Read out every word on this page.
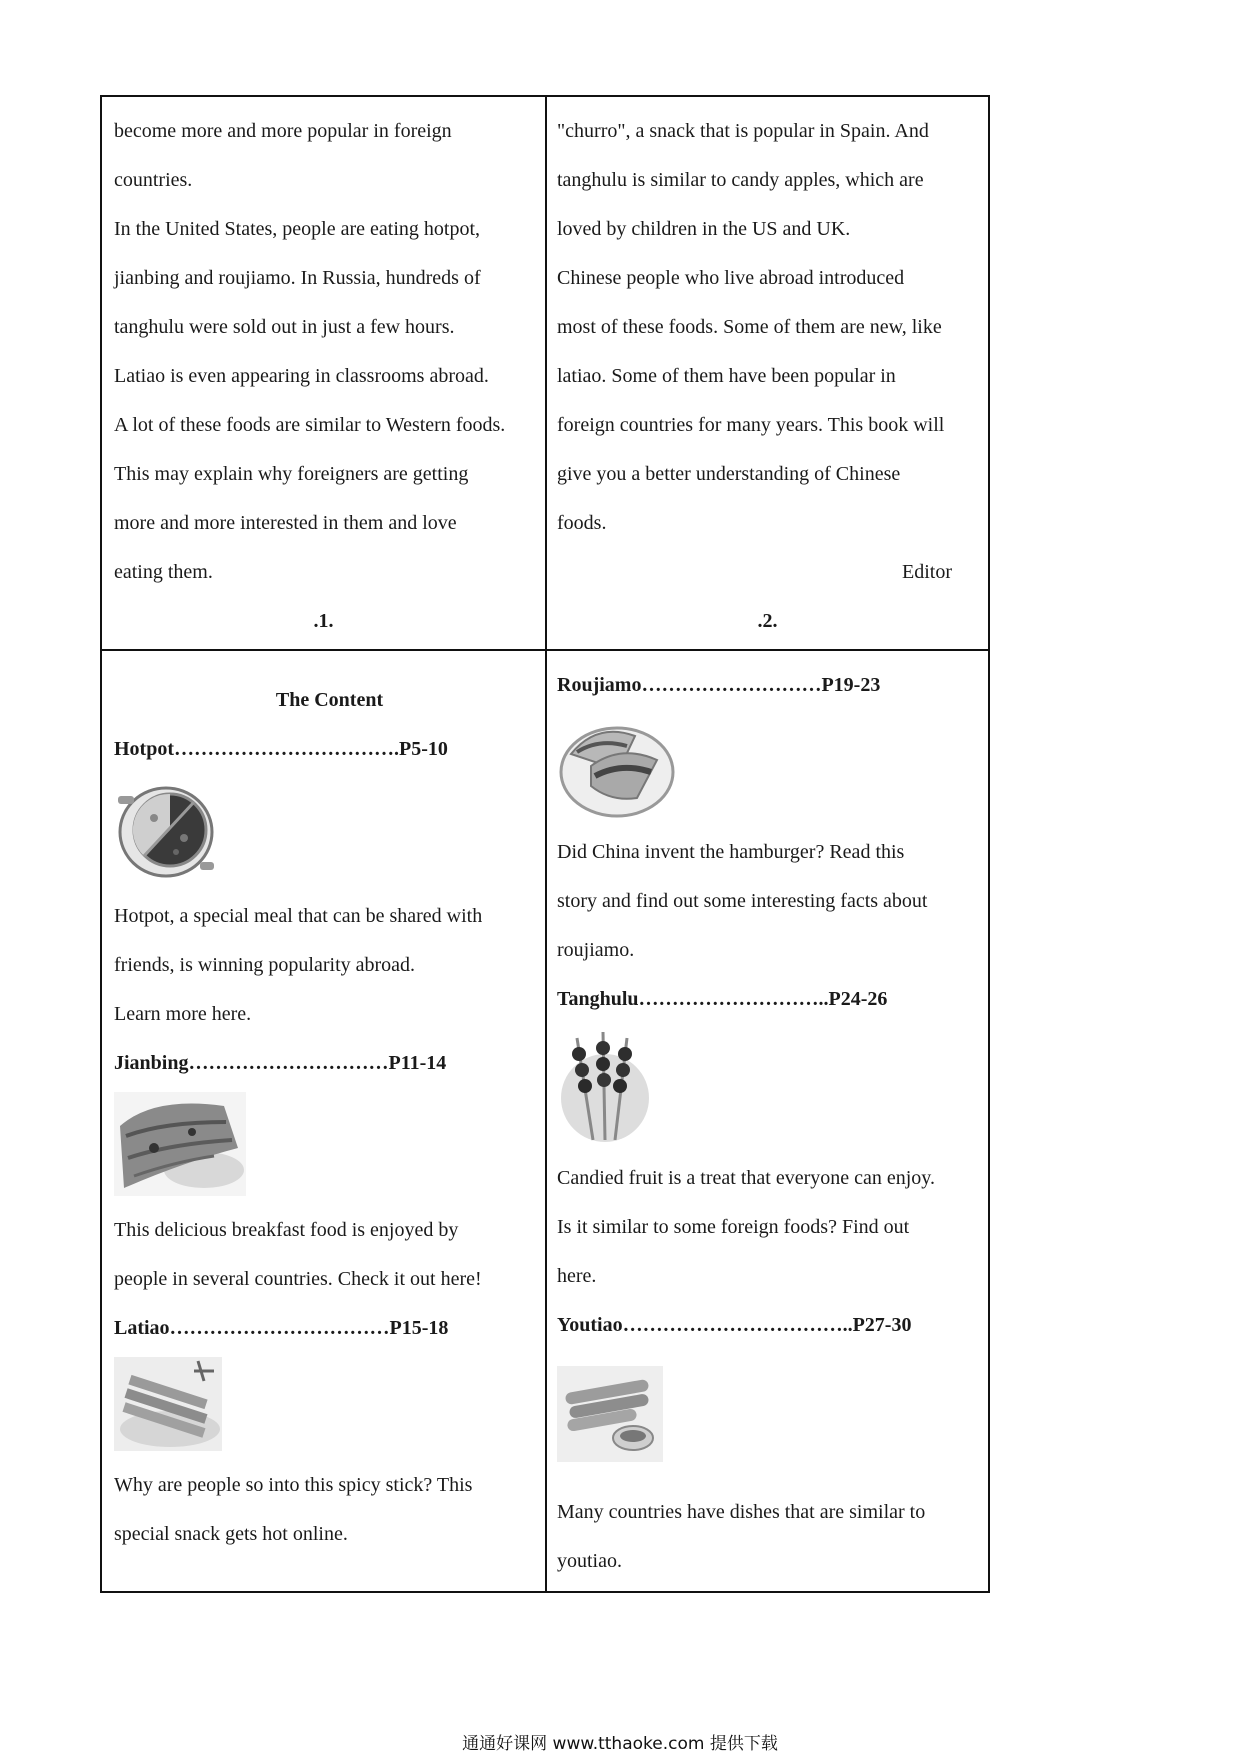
become more and more popular in foreign
countries.
In the United States, people are eating hotpot,
jianbing and roujiamo. In Russia, hundreds of
tanghulu were sold out in just a few hours.
Latiao is even appearing in classrooms abroad.
A lot of these foods are similar to Western foods.
This may explain why foreigners are getting
more and more interested in them and love
eating them.
.1.
"churro", a snack that is popular in Spain. And
tanghulu is similar to candy apples, which are
loved by children in the US and UK.
Chinese people who live abroad introduced
most of these foods. Some of them are new, like
latiao. Some of them have been popular in
foreign countries for many years. This book will
give you a better understanding of Chinese
foods.
Editor
.2.
The Content
Hotpot…………………………….P5-10
Hotpot, a special meal that can be shared with
friends, is winning popularity abroad.
Learn more here.
Jianbing…………………………P11-14
This delicious breakfast food is enjoyed by
people in several countries. Check it out here!
Latiao……………………………P15-18
Why are people so into this spicy stick? This
special snack gets hot online.
Roujiamo………………………P19-23
Did China invent the hamburger? Read this
story and find out some interesting facts about
roujiamo.
Tanghulu………………………..P24-26
Candied fruit is a treat that everyone can enjoy.
Is it similar to some foreign foods? Find out
here.
Youtiao……………………………..P27-30
Many countries have dishes that are similar to
youtiao.
通通好课网 www.tthaoke.com 提供下载
